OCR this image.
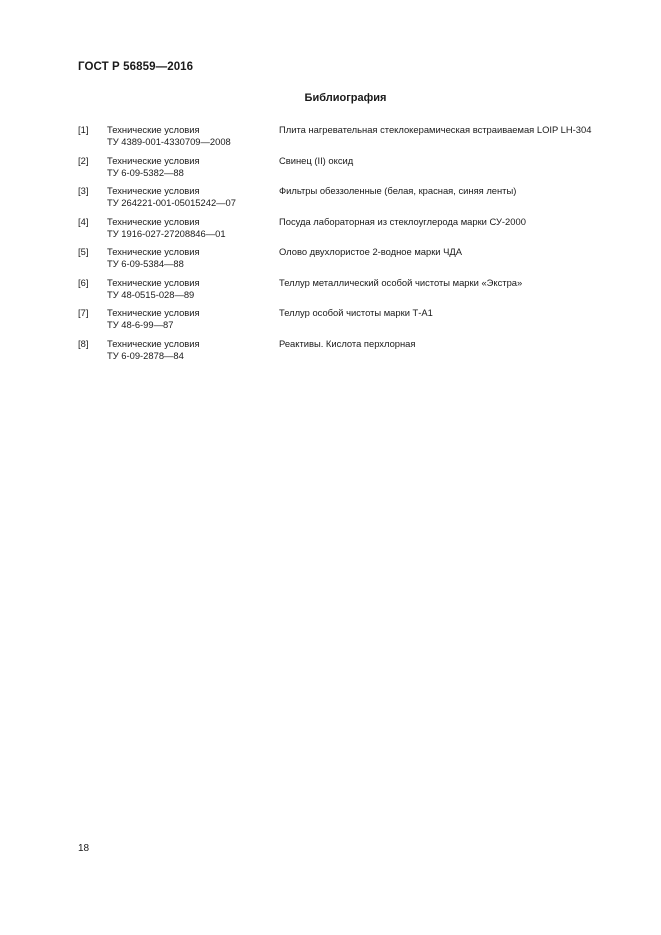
ГОСТ Р 56859—2016
Библиография
[1] Технические условия
ТУ 4389-001-4330709—2008
Плита нагревательная стеклокерамическая встраиваемая LOIP LH-304
[2] Технические условия
ТУ 6-09-5382—88
Свинец (II) оксид
[3] Технические условия
ТУ 264221-001-05015242—07
Фильтры обеззоленные (белая, красная, синяя ленты)
[4] Технические условия
ТУ 1916-027-27208846—01
Посуда лабораторная из стеклоуглерода марки СУ-2000
[5] Технические условия
ТУ 6-09-5384—88
Олово двухлористое 2-водное марки ЧДА
[6] Технические условия
ТУ 48-0515-028—89
Теллур металлический особой чистоты марки «Экстра»
[7] Технические условия
ТУ 48-6-99—87
Теллур особой чистоты марки Т-А1
[8] Технические условия
ТУ 6-09-2878—84
Реактивы. Кислота перхлорная
18
